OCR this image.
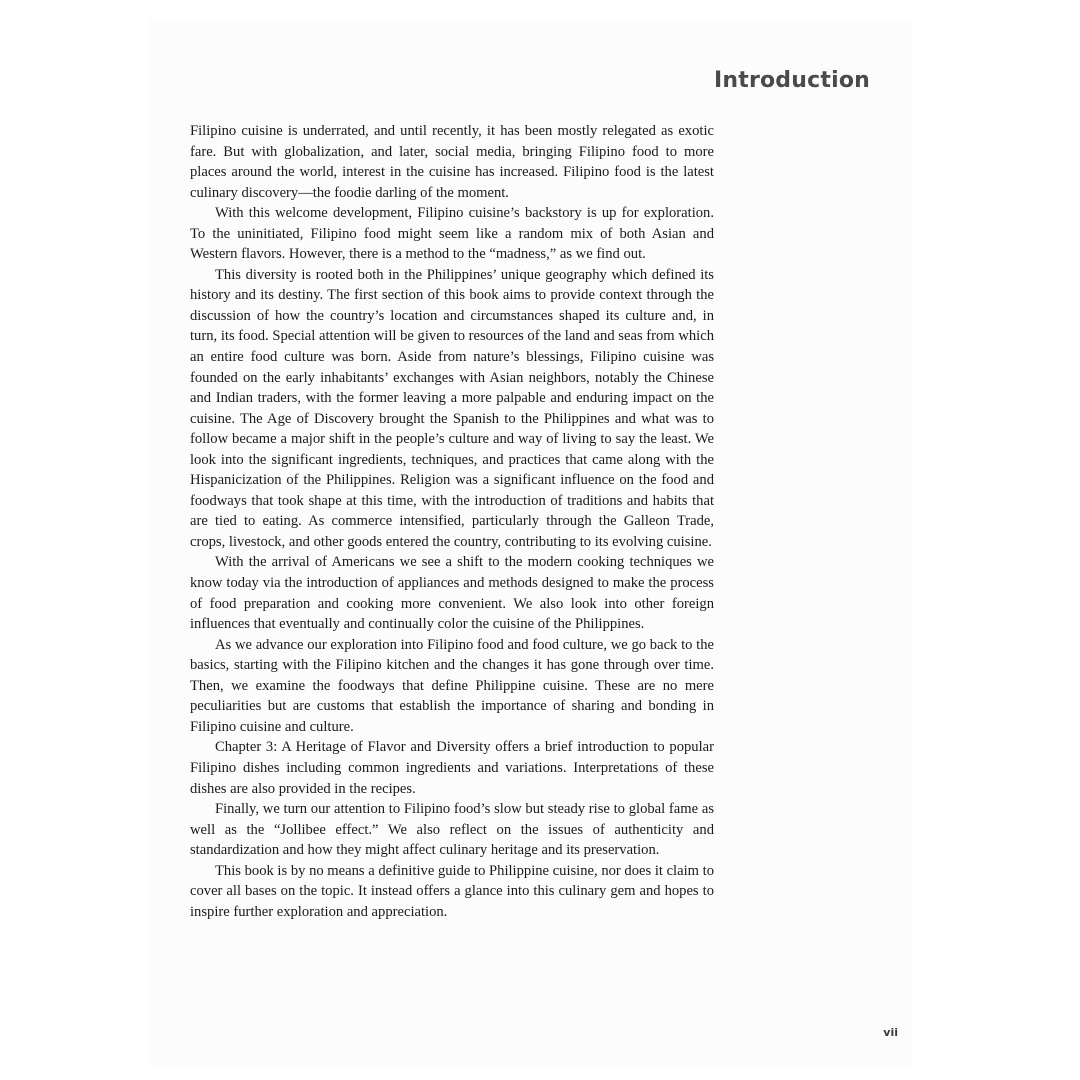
Introduction

Filipino cuisine is underrated, and until recently, it has been mostly relegated as exotic fare. But with globalization, and later, social media, bringing Filipino food to more places around the world, interest in the cuisine has increased. Filipino food is the latest culinary discovery—the foodie darling of the moment.

With this welcome development, Filipino cuisine’s backstory is up for exploration. To the uninitiated, Filipino food might seem like a random mix of both Asian and Western flavors. However, there is a method to the “madness,” as we find out.

This diversity is rooted both in the Philippines’ unique geography which defined its history and its destiny. The first section of this book aims to provide context through the discussion of how the country’s location and circumstances shaped its culture and, in turn, its food. Special attention will be given to resources of the land and seas from which an entire food culture was born. Aside from nature’s blessings, Filipino cuisine was founded on the early inhabitants’ exchanges with Asian neighbors, notably the Chinese and Indian traders, with the former leaving a more palpable and enduring impact on the cuisine. The Age of Discovery brought the Spanish to the Philippines and what was to follow became a major shift in the people’s culture and way of living to say the least. We look into the significant ingredients, techniques, and practices that came along with the Hispanicization of the Philippines. Religion was a significant influence on the food and foodways that took shape at this time, with the introduction of traditions and habits that are tied to eating. As commerce intensified, particularly through the Galleon Trade, crops, livestock, and other goods entered the country, contributing to its evolving cuisine.

With the arrival of Americans we see a shift to the modern cooking techniques we know today via the introduction of appliances and methods designed to make the process of food preparation and cooking more convenient. We also look into other foreign influences that eventually and continually color the cuisine of the Philippines.

As we advance our exploration into Filipino food and food culture, we go back to the basics, starting with the Filipino kitchen and the changes it has gone through over time. Then, we examine the foodways that define Philippine cuisine. These are no mere peculiarities but are customs that establish the importance of sharing and bonding in Filipino cuisine and culture.

Chapter 3: A Heritage of Flavor and Diversity offers a brief introduction to popular Filipino dishes including common ingredients and variations. Interpretations of these dishes are also provided in the recipes.

Finally, we turn our attention to Filipino food’s slow but steady rise to global fame as well as the “Jollibee effect.” We also reflect on the issues of authenticity and standardization and how they might affect culinary heritage and its preservation.

This book is by no means a definitive guide to Philippine cuisine, nor does it claim to cover all bases on the topic. It instead offers a glance into this culinary gem and hopes to inspire further exploration and appreciation.

vii
